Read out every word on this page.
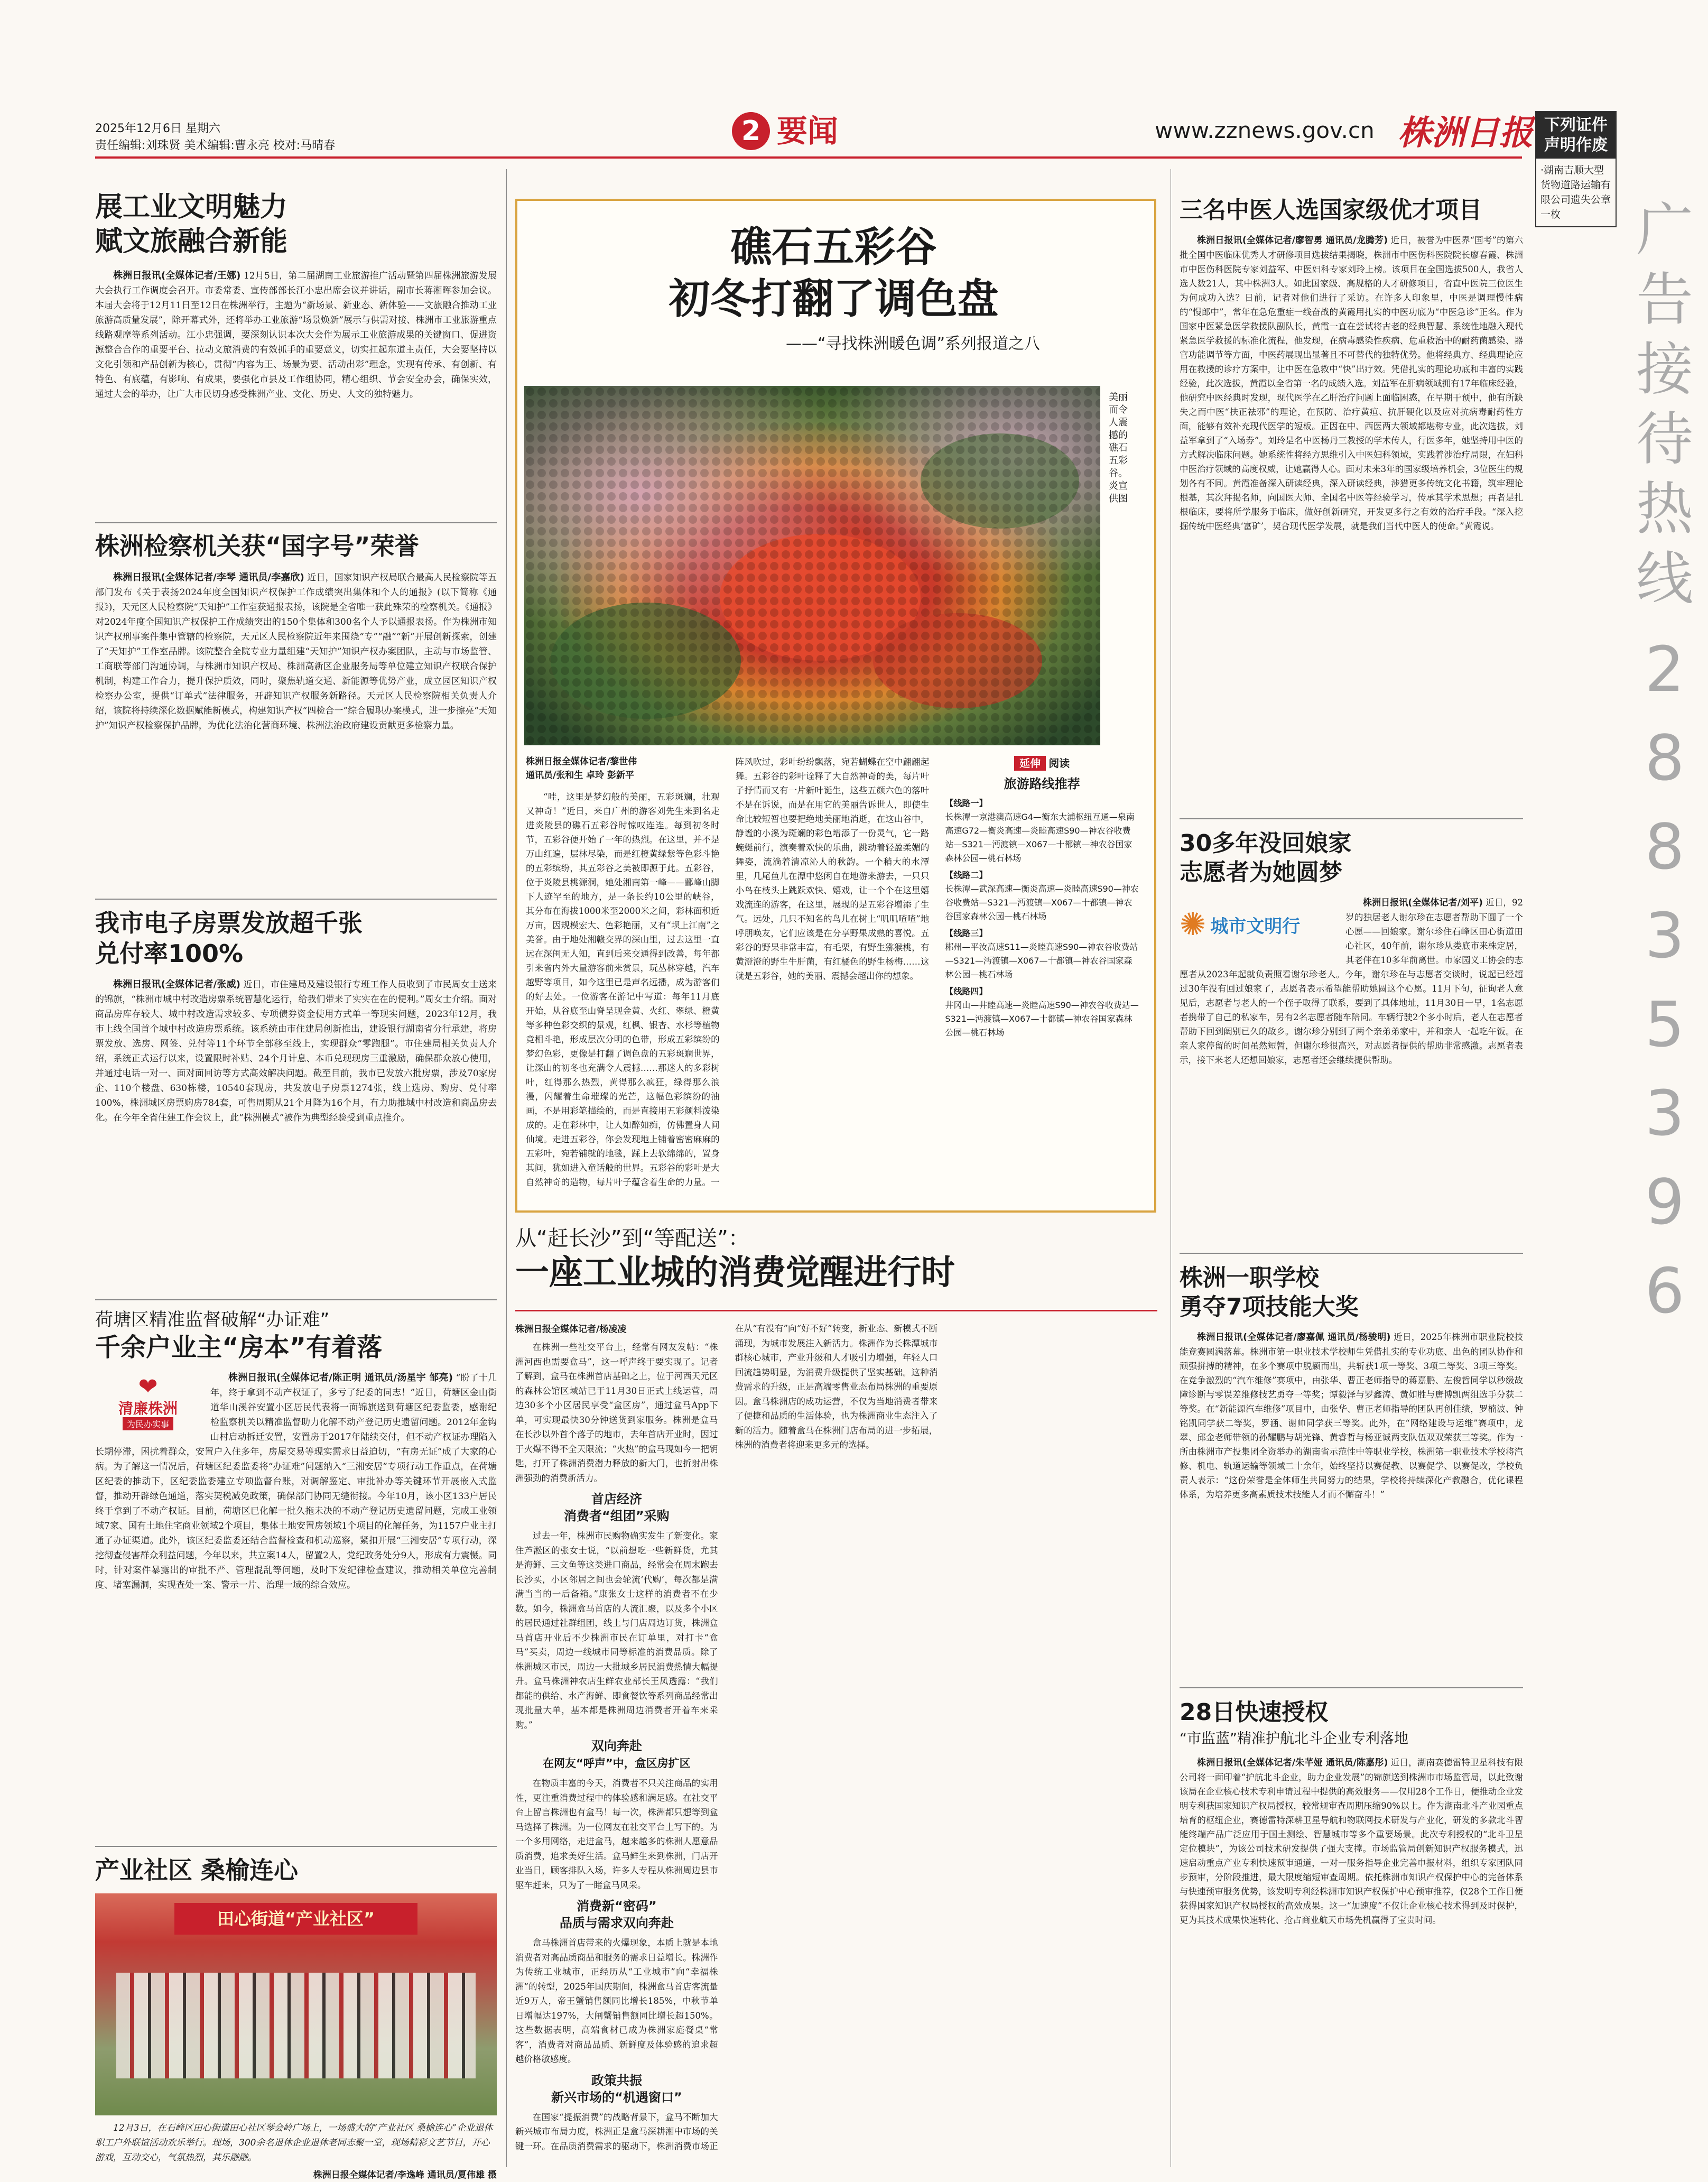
2025年12月6日 星期六
责任编辑:刘珠贤 美术编辑:曹永亮 校对:马晴春	2 要闻	www.zznews.gov.cn 株洲日报 下列证件声明作废
·湖南吉顺大型货物道路运输有限公司遗失公章一枚	广告接待热线
28835396
展工业文明魅力
赋文旅融合新能

株洲日报讯(全媒体记者/王娜) 12月5日，第二届湖南工业旅游推广活动暨第四届株洲旅游发展大会执行工作调度会召开。市委常委、宣传部部长江小忠出席会议并讲话，副市长蒋湘晖参加会议。本届大会将于12月11日至12日在株洲举行，主题为“新场景、新业态、新体验——文旅融合推动工业旅游高质量发展”，除开幕式外，还将举办工业旅游“场景焕新”展示与供需对接、株洲市工业旅游重点线路观摩等系列活动。江小忠强调，要深刻认识本次大会作为展示工业旅游成果的关键窗口、促进资源整合合作的重要平台、拉动文旅消费的有效抓手的重要意义，切实扛起东道主责任，大会要坚持以文化引领和产品创新为核心，贯彻“内容为王、场景为要、活动出彩”理念，实现有传承、有创新、有特色、有底蕴，有影响、有成果，要强化市县及工作组协同，精心组织、节会安全办会，确保实效，通过大会的举办，让广大市民切身感受株洲产业、文化、历史、人文的独特魅力。

株洲检察机关获“国字号”荣誉

株洲日报讯(全媒体记者/李琴 通讯员/李嘉欣) 近日，国家知识产权局联合最高人民检察院等五部门发布《关于表扬2024年度全国知识产权保护工作成绩突出集体和个人的通报》(以下简称《通报》)，天元区人民检察院“天知护”工作室获通报表扬，该院是全省唯一获此殊荣的检察机关。《通报》对2024年度全国知识产权保护工作成绩突出的150个集体和300名个人予以通报表扬。作为株洲市知识产权刑事案件集中管辖的检察院，天元区人民检察院近年来围绕“专”“融”“新”开展创新探索，创建了“天知护”工作室品牌。该院整合全院专业力量组建“天知护”知识产权办案团队，主动与市场监管、工商联等部门沟通协调，与株洲市知识产权局、株洲高新区企业服务局等单位建立知识产权联合保护机制，构建工作合力，提升保护质效，同时，聚焦轨道交通、新能源等优势产业，成立园区知识产权检察办公室，提供“订单式”法律服务，开辟知识产权服务新路径。天元区人民检察院相关负责人介绍，该院将持续深化数据赋能新模式，构建知识产权“四检合一”综合履职办案模式，进一步擦亮“天知护”知识产权检察保护品牌，为优化法治化营商环境、株洲法治政府建设贡献更多检察力量。

我市电子房票发放超千张
兑付率100%

株洲日报讯(全媒体记者/张威) 近日，市住建局及建设银行专班工作人员收到了市民周女士送来的锦旗，“株洲市城中村改造房票系统智慧化运行，给我们带来了实实在在的便利。”周女士介绍。面对商品房库存较大、城中村改造需求较多、专项债券资金使用方式单一等现实问题，2023年12月，我市上线全国首个城中村改造房票系统。该系统由市住建局创新推出，建设银行湖南省分行承建，将房票发放、选房、网签、兑付等11个环节全部移至线上，实现群众“零跑腿”。市住建局相关负责人介绍，系统正式运行以来，设置限时补贴、24个月计息、本币兑现现房三重激励，确保群众放心使用，并通过电话一对一、面对面回访等方式高效解决问题。截至目前，我市已发放六批房票，涉及70家房企、110个楼盘、630栋楼，10540套现房，共发放电子房票1274张，线上选房、购房、兑付率100%，株洲城区房票购房784套，可售周期从21个月降为16个月，有力助推城中村改造和商品房去化。在今年全省住建工作会议上，此“株洲模式”被作为典型经验受到重点推介。

荷塘区精准监督破解“办证难”
千余户业主“房本”有着落
❤
清廉株洲
为民办实事

株洲日报讯(全媒体记者/陈正明 通讯员/汤星宇 邹亮) “盼了十几年，终于拿到不动产权证了，多亏了纪委的同志！”近日，荷塘区金山街道华山溪谷安置小区居民代表将一面锦旗送到荷塘区纪委监委，感谢纪检监察机关以精准监督助力化解不动产登记历史遗留问题。2012年金钩山村启动拆迁安置，安置房于2017年陆续交付，但不动产权证办理陷入长期停滞，困扰着群众，安置户入住多年，房屋交易等现实需求日益迫切，“有房无证”成了大家的心病。为了解这一情况后，荷塘区纪委监委将“办证难”问题纳入“三湘安居”专项行动工作重点，在荷塘区纪委的推动下，区纪委监委建立专项监督台账，对调解鉴定、审批补办等关键环节开展嵌入式监督，推动开辟绿色通道，落实契税减免政策，确保部门协同无缝衔接。今年10月，该小区133户居民终于拿到了不动产权证。目前，荷塘区已化解一批久拖未决的不动产登记历史遗留问题，完成工业领域7家、国有土地住宅商业领域2个项目，集体土地安置房领域1个项目的化解任务，为1157户业主打通了办证渠道。此外，该区纪委监委还结合监督检查和机动巡察，紧扣开展“三湘安居”专项行动，深挖彻查侵害群众利益问题，今年以来，共立案14人，留置2人，党纪政务处分9人，形成有力震慑。同时，针对案件暴露出的审批不严、管理混乱等问题，及时下发纪律检查建议，推动相关单位完善制度、堵塞漏洞，实现查处一案、警示一片、治理一域的综合效应。

产业社区 桑榆连心
田心街道“产业社区”

12月3日，在石峰区田心街道田心社区琴会岭广场上，一场盛大的“产业社区 桑榆连心”企业退休职工户外联谊活动欢乐举行。现场，300余名退休企业退休老同志聚一堂，现场精彩文艺节目，开心游戏，互动交心，气氛热烈，其乐融融。

株洲日报全媒体记者/李逸峰 通讯员/夏伟雄 摄
礁石五彩谷
初冬打翻了调色盘
——“寻找株洲暖色调”系列报道之八
美丽而令人震撼的礁石五彩谷。 炎宣 供图
株洲日报全媒体记者/黎世伟
通讯员/张和生 卓玲 彭新平

“哇，这里是梦幻般的美丽，五彩斑斓，壮观又神奇！”近日，来自广州的游客刘先生来到名走进炎陵县的礁石五彩谷时惊叹连连。每到初冬时节，五彩谷便开始了一年的热烈。在这里，并不是万山红遍，层林尽染，而是红橙黄绿紫等色彩斗艳的五彩缤纷，其五彩谷之美被即源于此。五彩谷，位于炎陵县桃源洞，她处湘南第一峰——酃峰山脚下人迹罕至的地方，是一条长约10公里的峡谷，其分布在海拔1000米至2000米之间，彩林面积近万亩，因规模宏大、色彩艳丽，又有“坝上江南”之美誉。由于地处湘赣交界的深山里，过去这里一直远在深闺无人知，直到后来交通得到改善，每年都引来省内外大量游客前来赏景，玩丛林穿越，汽车越野等项目，如今这里已是声名远播，成为游客们的好去处。一位游客在游记中写道：每年11月底开始，从谷底至山脊呈现金黄、火红、翠绿、橙黄等多种色彩交织的景观，红枫、银杏、水杉等植物竞相斗艳，形成层次分明的色带，形成五彩缤纷的梦幻色彩，更像是打翻了调色盘的五彩斑斓世界，让深山的初冬也充满令人震撼……那迷人的多彩树叶，红得那么热烈，黄得那么疯狂，绿得那么浪漫，闪耀着生命璀璨的光芒，这幅色彩缤纷的油画，不是用彩笔描绘的，而是直接用五彩颜料泼染成的。走在彩林中，让人如醉如痴，仿佛置身人间仙境。走进五彩谷，你会发现地上铺着密密麻麻的五彩叶，宛若铺就的地毯，踩上去软绵绵的，置身其间，犹如进入童话般的世界。五彩谷的彩叶是大自然神奇的造物，每片叶子蕴含着生命的力量。一阵风吹过，彩叶纷纷飘落，宛若蝴蝶在空中翩翩起舞。五彩谷的彩叶诠释了大自然神奇的美，每片叶子抒情而又有一片新叶诞生，这些五颜六色的落叶不是在诉说，而是在用它的美丽告诉世人，即使生命比较短暂也要把绝地美丽地消逝，在这山谷中，静谧的小溪为斑斓的彩色增添了一份灵气，它一路蜿蜒前行，演奏着欢快的乐曲，跳动着轻盈柔媚的舞姿，流淌着清凉沁人的秋韵。一个稍大的水潭里，几尾鱼儿在潭中悠闲自在地游来游去，一只只小鸟在枝头上跳跃欢快、嬉戏，让一个个在这里嬉戏流连的游客，在这里，展现的是五彩谷增添了生气。远处，几只不知名的鸟儿在树上“叽叽喳喳”地呼朋唤友，它们应该是在分享野果成熟的喜悦。五彩谷的野果非常丰富，有毛栗，有野生猕猴桃，有黄澄澄的野生牛肝菌，有红橘色的野生杨梅……这就是五彩谷，她的美丽、震撼会超出你的想象。

延伸 阅读
旅游路线推荐
【线路一】
长株潭一京港澳高速G4—衡东大浦枢纽互通—泉南高速G72—衡炎高速—炎睦高速S90—神农谷收费站—S321—沔渡镇—X067—十都镇—神农谷国家森林公园—桃石林场
【线路二】
长株潭—武深高速—衡炎高速—炎睦高速S90—神农谷收费站—S321—沔渡镇—X067—十都镇—神农谷国家森林公园—桃石林场
【线路三】
郴州—平汝高速S11—炎睦高速S90—神农谷收费站—S321—沔渡镇—X067—十都镇—神农谷国家森林公园—桃石林场
【线路四】
井冈山—井睦高速—炎睦高速S90—神农谷收费站—S321—沔渡镇—X067—十都镇—神农谷国家森林公园—桃石林场
从“赶长沙”到“等配送”：
一座工业城的消费觉醒进行时
株洲日报全媒体记者/杨凌凌

在株洲一些社交平台上，经常有网友发帖：“株洲河西也需要盒马”，这一呼声终于要实现了。记者了解到，盒马在株洲首店基础之上，位于河西天元区的森林公馆区域站已于11月30日正式上线运营，周边30多个小区居民享受“盒区房”，通过盒马App下单，可实现最快30分钟送货到家服务。株洲是盒马在长沙以外首个落子的地市，去年首店开业时，因过于火爆不得不全天限流；“火热”的盒马现如今一把钥匙，打开了株洲消费潜力释放的新大门，也折射出株洲强劲的消费新活力。

首店经济
消费者“组团”采购

过去一年，株洲市民购物确实发生了新变化。家住芦淞区的张女士说，“以前想吃一些新鲜货，尤其是海鲜、三文鱼等这类进口商品，经常会在周末跑去长沙买，小区邻居之间也会轮流‘代购’，每次都是满满当当的一后备箱。”康张女士这样的消费者不在少数。如今，株洲盒马首店的人流汇聚，以及多个小区的居民通过社群组团，线上与门店周边订货，株洲盒马首店开业后不少株洲市民在订单里，对打卡“盒马”买卖，周边一线城市同等标准的消费品质。除了株洲城区市民，周边一大批城乡居民消费热情大幅提升。盒马株洲神农店生鲜农业部长王凤透露：“我们都能的供给、水产海鲜、即食餐饮等系列商品经常出现批量大单，基本都是株洲周边消费者开着车来采购。”

双向奔赴
在网友“呼声”中，盒区房扩区

在物质丰富的今天，消费者不只关注商品的实用性，更注重消费过程中的体验感和满足感。在社交平台上留言株洲也有盒马！每一次，株洲都只想等到盒马选择了株洲。为一位网友在社交平台上写下的。为一个多用网络，走进盒马，越来越多的株洲人愿意品质消费，追求美好生活。盒马鲜生来到株洲，门店开业当日，顾客排队入场，许多人专程从株洲周边县市驱车赶来，只为了一睹盒马风采。

消费新“密码”
品质与需求双向奔赴

盒马株洲首店带来的火爆现象，本质上就是本地消费者对高品质商品和服务的需求日益增长。株洲作为传统工业城市，正经历从“工业城市”向“幸福株洲”的转型，2025年国庆期间，株洲盒马首店客流量近9万人，帝王蟹销售额同比增长185%，中秋节单日增幅达197%，大闸蟹销售额同比增长超150%。这些数据表明，高端食材已成为株洲家庭餐桌“常客”，消费者对商品品质、新鲜度及体验感的追求超越价格敏感度。

政策共振
新兴市场的“机遇窗口”

在国家“提振消费”的战略背景下，盒马不断加大新兴城市布局力度，株洲正是盒马深耕湘中市场的关键一环。在品质消费需求的驱动下，株洲消费市场正在从“有没有”向“好不好”转变，新业态、新模式不断涌现，为城市发展注入新活力。株洲作为长株潭城市群核心城市，产业升级和人才吸引力增强，年轻人口回流趋势明显，为消费升级提供了坚实基础。这种消费需求的升级，正是高端零售业态布局株洲的重要原因。盒马株洲店的成功运营，不仅为当地消费者带来了便捷和品质的生活体验，也为株洲商业生态注入了新的活力。随着盒马在株洲门店布局的进一步拓展，株洲的消费者将迎来更多元的选择。

三名中医人选国家级优才项目

株洲日报讯(全媒体记者/廖智勇 通讯员/龙腾芳) 近日，被誉为中医界“国考”的第六批全国中医临床优秀人才研修项目选拔结果揭晓，株洲市中医伤科医院院长廖春霞、株洲市中医伤科医院专家刘益军、中医妇科专家刘玲上榜。该项目在全国选拔500人，我省人选人数21人，其中株洲3人。如此国家级、高规格的人才研修项目，省直中医院三位医生为何成功入选？日前，记者对他们进行了采访。在许多人印象里，中医是调理慢性病的“慢郎中”，常年在急危重症一线奋战的黄霞用扎实的中医功底为“中医急诊”正名。作为国家中医紧急医学救援队副队长，黄霞一直在尝试将古老的经典智慧、系统性地融入现代紧急医学救援的标准化流程，他发现，在病毒感染性疾病、危重救治中的耐药菌感染、器官功能调节等方面，中医药展现出显著且不可替代的独特优势。他将经典方、经典理论应用在救援的诊疗方案中，让中医在急救中“快”出疗效。凭借扎实的理论功底和丰富的实践经验，此次选拔，黄霞以全省第一名的成绩入选。刘益军在肝病领域拥有17年临床经验，他研究中医经典时发现，现代医学在乙肝治疗问题上面临困惑，在早期干预中，他有所缺失之而中医“扶正祛邪”的理论，在预防、治疗黄疸、抗肝硬化以及应对抗病毒耐药性方面，能够有效补充现代医学的短板。正因在中、西医两大领域都堪称专业，此次选拔，刘益军拿到了“入场券”。刘玲是名中医杨丹三教授的学术传人，行医多年，她坚持用中医的方式解决临床问题。她系统性将经方思维引入中医妇科领域，实践着涉治疗局限，在妇科中医治疗领域的高度权威，让她赢得人心。面对未来3年的国家级培养机会，3位医生的规划各有不同。黄霞准备深入研读经典，深入研读经典，涉猎更多传统文化书籍，筑牢理论根基，其次拜揭名师，向国医大师、全国名中医等经验学习，传承其学术思想；再者是扎根临床，要将所学服务于临床，做好创新研究，开发更多行之有效的治疗手段。“深入挖掘传统中医经典‘富矿’，契合现代医学发展，就是我们当代中医人的使命。”黄霞说。

30多年没回娘家
志愿者为她圆梦
✺ 城市文明行

株洲日报讯(全媒体记者/刘平) 近日，92岁的独居老人谢尔珍在志愿者帮助下圆了一个心愿——回娘家。谢尔珍住石峰区田心街道田心社区，40年前，谢尔珍从娄底市来株定居，其老伴在10多年前离世。市家园义工协会的志愿者从2023年起就负责照看谢尔珍老人。今年，谢尔珍在与志愿者交谈时，说起已经超过30年没有回过娘家了，志愿者表示希望能帮助她圆这个心愿。11月下旬，征询老人意见后，志愿者与老人的一个侄子取得了联系，要到了具体地址，11月30日一早，1名志愿者携带了自己的私家车，另有2名志愿者随车陪同。车辆行驶2个多小时后，老人在志愿者帮助下回到阔别已久的故乡。谢尔珍分别到了两个亲弟弟家中，并和亲人一起吃午饭。在亲人家停留的时间虽然短暂，但谢尔珍很高兴，对志愿者提供的帮助非常感激。志愿者表示，接下来老人还想回娘家，志愿者还会继续提供帮助。

株洲一职学校
勇夺7项技能大奖

株洲日报讯(全媒体记者/廖嘉佩 通讯员/杨骏明) 近日，2025年株洲市职业院校技能竞赛圆满落幕。株洲市第一职业技术学校师生凭借扎实的专业功底、出色的团队协作和顽强拼搏的精神，在多个赛项中脱颖而出，共斩获1项一等奖、3项二等奖、3项三等奖。在竞争激烈的“汽车维修”赛项中，由张华、曹正老师指导的蒋嘉鹏、左俊哲同学以秒级故障诊断与零误差维修技艺勇夺一等奖；谭毅泽与罗鑫涛、黄如胜与唐博凯两组选手分获二等奖。在“新能源汽车维修”项目中，由张华、曹正老师指导的团队再创佳绩，罗楠波、钟铭凯同学获二等奖，罗涵、谢帅同学获三等奖。此外，在“网络建设与运维”赛项中，龙翠、邱金老师带领的孙耀鹏与胡光锋、黄睿哲与杨亚诚两支队伍双双荣获三等奖。作为一所由株洲市产投集团全资举办的湖南省示范性中等职业学校，株洲第一职业技术学校将汽修、机电、轨道运输等领域二十余年，始终坚持以赛促教、以赛促学、以赛促改，学校负责人表示：“这份荣誉是全体师生共同努力的结果，学校将持续深化产教融合，优化课程体系，为培养更多高素质技术技能人才而不懈奋斗！”

28日快速授权
“市监蓝”精准护航北斗企业专利落地

株洲日报讯(全媒体记者/朱芊娅 通讯员/陈嘉彤) 近日，湖南赛德雷特卫星科技有限公司将一面印着“护航北斗企业，助力企业发展”的锦旗送到株洲市市场监管局，以此致谢该局在企业核心技术专利申请过程中提供的高效服务——仅用28个工作日，便推动企业发明专利获国家知识产权局授权，较常规审查周期压缩90%以上。作为湖南北斗产业园重点培育的枢纽企业，赛德雷特深耕卫星导航和物联网技术研发与产业化，研发的多款北斗智能终端产品广泛应用于国土测绘、智慧城市等多个重要场景。此次专利授权的“北斗卫星定位模块”，为该公司技术研发提供了强大支撑。市场监管局创新知识产权服务模式，迅速启动重点产业专利快速预审通道，一对一服务指导企业完善申报材料，组织专家团队同步预审，分阶段推进，最大限度缩短审查周期。依托株洲市知识产权保护中心的完备体系与快速预审服务优势，该发明专利经株洲市知识产权保护中心预审推荐，仅28个工作日便获得国家知识产权局授权的高效成果。这一“加速度”不仅让企业核心技术得到及时保护，更为其技术成果快速转化、抢占商业航天市场先机赢得了宝贵时间。
